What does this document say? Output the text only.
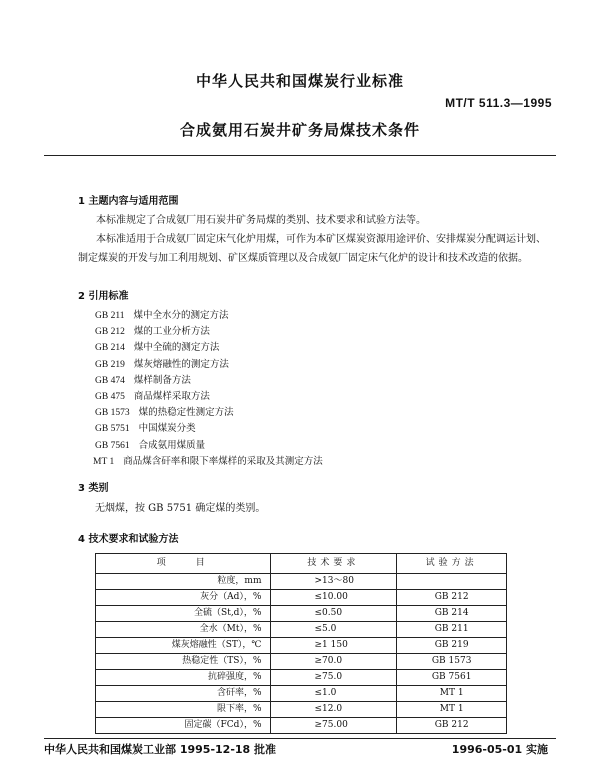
中华人民共和国煤炭行业标准
MT/T 511.3—1995
合成氨用石炭井矿务局煤技术条件
1 主题内容与适用范围

本标准规定了合成氨厂用石炭井矿务局煤的类别、技术要求和试验方法等。

本标准适用于合成氨厂固定床气化炉用煤，可作为本矿区煤炭资源用途评价、安排煤炭分配调运计划、制定煤炭的开发与加工利用规划、矿区煤质管理以及合成氨厂固定床气化炉的设计和技术改造的依据。

2 引用标准
GB 211 煤中全水分的测定方法
GB 212 煤的工业分析方法
GB 214 煤中全硫的测定方法
GB 219 煤灰熔融性的测定方法
GB 474 煤样制备方法
GB 475 商品煤样采取方法
GB 1573 煤的热稳定性测定方法
GB 5751 中国煤炭分类
GB 7561 合成氨用煤质量
MT 1 商品煤含矸率和限下率煤样的采取及其测定方法
3 类别
无烟煤，按 GB 5751 确定煤的类别。
4 技术要求和试验方法
项　　目	技术要求	试验方法
粒度，mm	>13～80	
灰分（Ad），%	≤10.00	GB 212
全硫（St,d），%	≤0.50	GB 214
全水（Mt），%	≤5.0	GB 211
煤灰熔融性（ST），℃	≥1 150	GB 219
热稳定性（TS），%	≥70.0	GB 1573
抗碎强度，%	≥75.0	GB 7561
含矸率，%	≤1.0	MT 1
限下率，%	≤12.0	MT 1
固定碳（FCd），%	≥75.00	GB 212
中华人民共和国煤炭工业部 1995-12-18 批准	1996-05-01 实施
